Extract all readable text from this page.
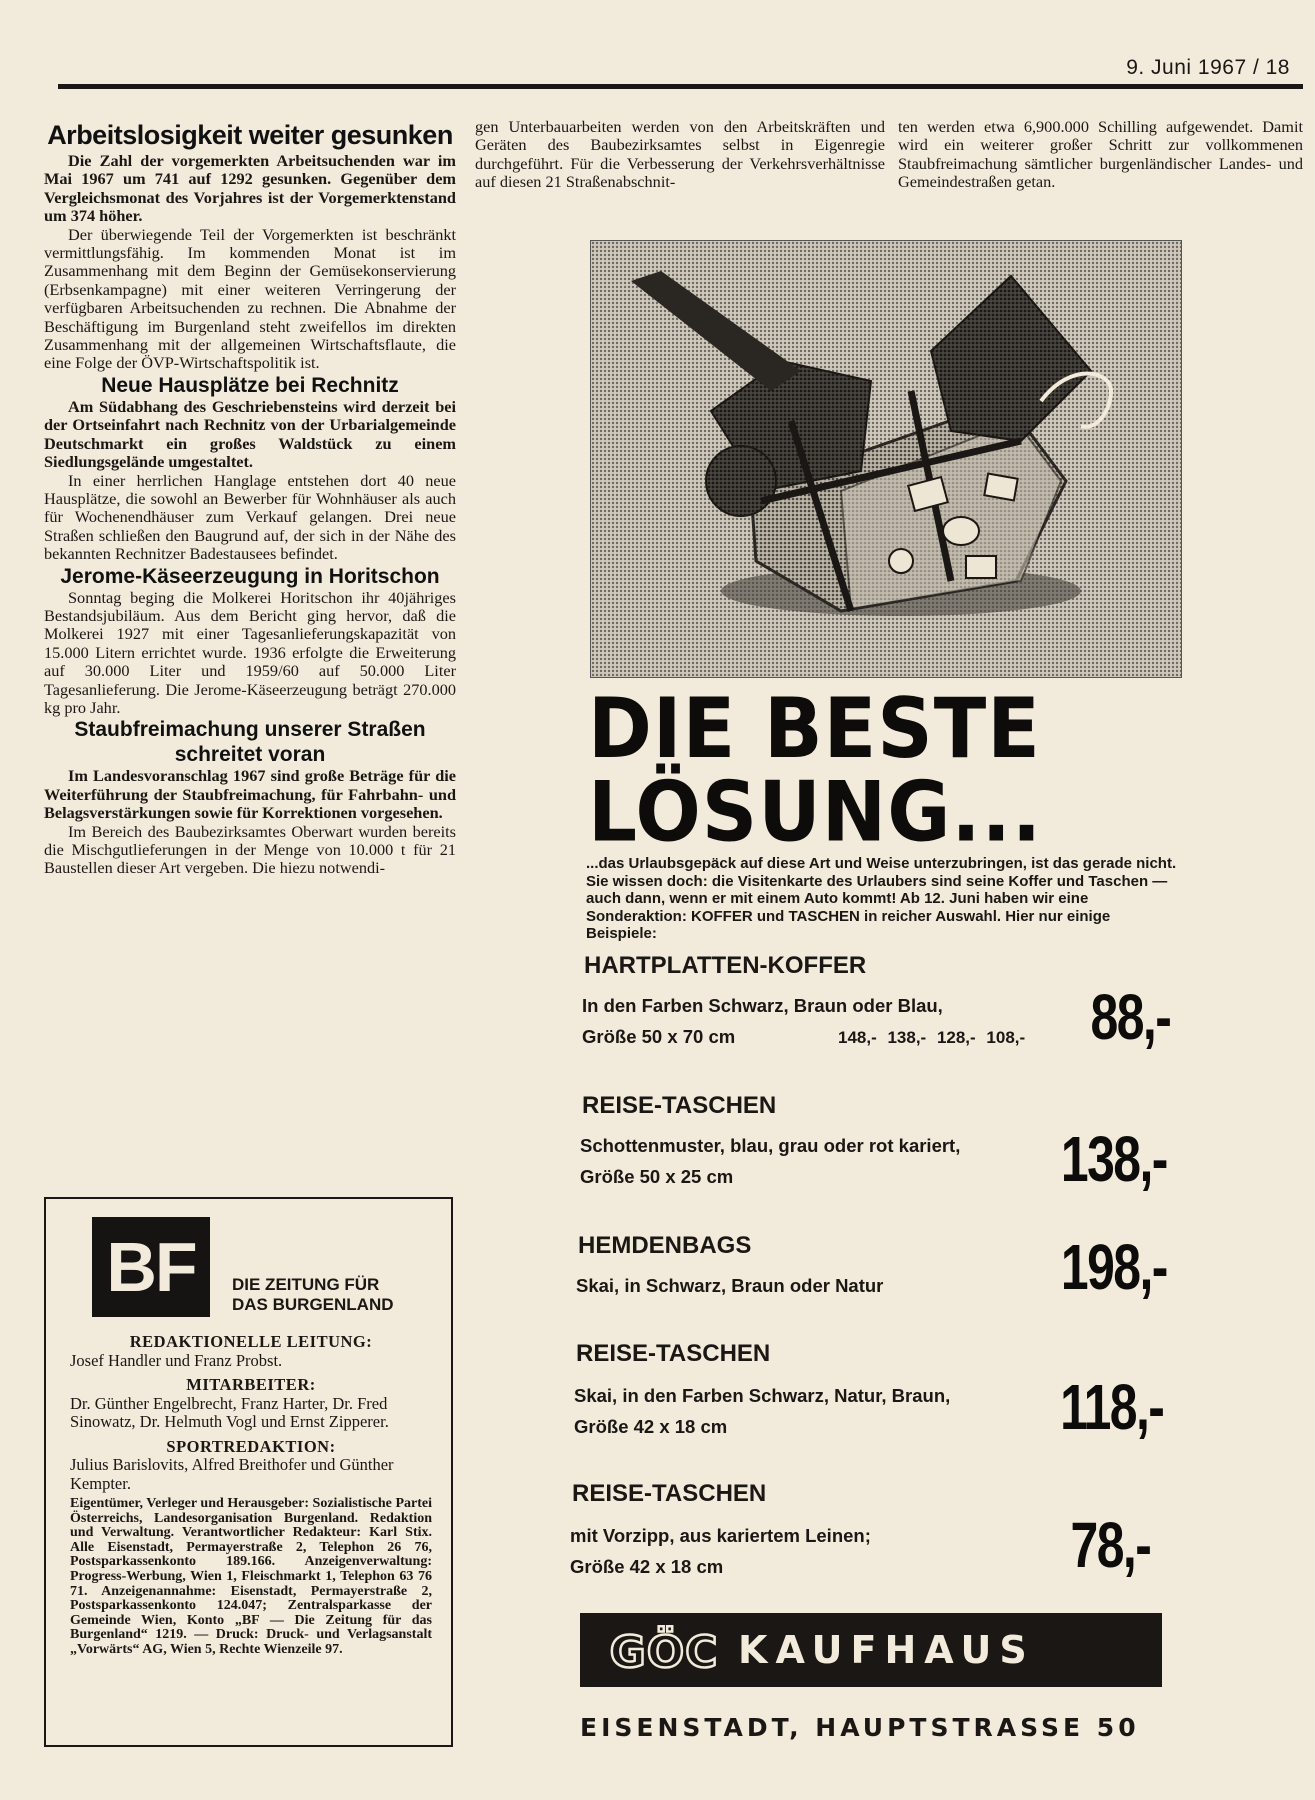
9. Juni 1967 / 18
Arbeitslosigkeit weiter gesunken

Die Zahl der vorgemerkten Arbeitsuchenden war im Mai 1967 um 741 auf 1292 gesunken. Gegenüber dem Vergleichsmonat des Vorjahres ist der Vorgemerktenstand um 374 höher.

Der überwiegende Teil der Vorgemerkten ist beschränkt vermittlungsfähig. Im kommenden Monat ist im Zusammenhang mit dem Beginn der Gemüsekonservierung (Erbsenkampagne) mit einer weiteren Verringerung der verfügbaren Arbeitsuchenden zu rechnen. Die Abnahme der Beschäftigung im Burgenland steht zweifellos im direkten Zusammenhang mit der allgemeinen Wirtschaftsflaute, die eine Folge der ÖVP-Wirtschaftspolitik ist.

Neue Hausplätze bei Rechnitz

Am Südabhang des Geschriebensteins wird derzeit bei der Ortseinfahrt nach Rechnitz von der Urbarialgemeinde Deutschmarkt ein großes Waldstück zu einem Siedlungsgelände umgestaltet.

In einer herrlichen Hanglage entstehen dort 40 neue Hausplätze, die sowohl an Bewerber für Wohnhäuser als auch für Wochenendhäuser zum Verkauf gelangen. Drei neue Straßen schließen den Baugrund auf, der sich in der Nähe des bekannten Rechnitzer Badestausees befindet.

Jerome-Käseerzeugung in Horitschon

Sonntag beging die Molkerei Horitschon ihr 40jähriges Bestandsjubiläum. Aus dem Bericht ging hervor, daß die Molkerei 1927 mit einer Tagesanlieferungskapazität von 15.000 Litern errichtet wurde. 1936 erfolgte die Erweiterung auf 30.000 Liter und 1959/60 auf 50.000 Liter Tagesanlieferung. Die Jerome-Käseerzeugung beträgt 270.000 kg pro Jahr.

Staubfreimachung unserer Straßen schreitet voran

Im Landesvoranschlag 1967 sind große Beträge für die Weiterführung der Staubfreimachung, für Fahrbahn- und Belagsverstärkungen sowie für Korrektionen vorgesehen.

Im Bereich des Baubezirksamtes Oberwart wurden bereits die Mischgutlieferungen in der Menge von 10.000 t für 21 Baustellen dieser Art vergeben. Die hiezu notwendi-

gen Unterbauarbeiten werden von den Arbeitskräften und Geräten des Baubezirksamtes selbst in Eigenregie durchgeführt. Für die Verbesserung der Verkehrsverhältnisse auf diesen 21 Straßenabschnit-

ten werden etwa 6,900.000 Schilling aufgewendet. Damit wird ein weiterer großer Schritt zur vollkommenen Staubfreimachung sämtlicher burgenländischer Landes- und Gemeindestraßen getan.

BF	DIE ZEITUNG FÜR
DAS BURGENLAND
REDAKTIONELLE LEITUNG:
Josef Handler und Franz Probst.
MITARBEITER:
Dr. Günther Engelbrecht, Franz Harter, Dr. Fred Sinowatz, Dr. Helmuth Vogl und Ernst Zipperer.
SPORTREDAKTION:
Julius Barislovits, Alfred Breithofer und Günther Kempter.
Eigentümer, Verleger und Herausgeber: Sozialistische Partei Österreichs, Landesorganisation Burgenland. Redaktion und Verwaltung. Verantwortlicher Redakteur: Karl Stix. Alle Eisenstadt, Permayerstraße 2, Telephon 26 76, Postsparkassenkonto 189.166. Anzeigenverwaltung: Progress-Werbung, Wien 1, Fleischmarkt 1, Telephon 63 76 71. Anzeigenannahme: Eisenstadt, Permayerstraße 2, Postsparkassenkonto 124.047; Zentralsparkasse der Gemeinde Wien, Konto „BF — Die Zeitung für das Burgenland“ 1219. — Druck: Druck- und Verlagsanstalt „Vorwärts“ AG, Wien 5, Rechte Wienzeile 97.
DIE BESTE
LÖSUNG...
...das Urlaubsgepäck auf diese Art und Weise unterzubringen, ist das gerade nicht. Sie wissen doch: die Visitenkarte des Urlaubers sind seine Koffer und Taschen — auch dann, wenn er mit einem Auto kommt! Ab 12. Juni haben wir eine Sonderaktion: KOFFER und TASCHEN in reicher Auswahl. Hier nur einige Beispiele:
HARTPLATTEN-KOFFER
In den Farben Schwarz, Braun oder Blau,
Größe 50 x 70 cm	148,- 138,- 128,- 108,- 88,-
REISE-TASCHEN
Schottenmuster, blau, grau oder rot kariert,
Größe 50 x 25 cm	138,-
HEMDENBAGS
Skai, in Schwarz, Braun oder Natur	198,-
REISE-TASCHEN
Skai, in den Farben Schwarz, Natur, Braun,
Größe 42 x 18 cm	118,-
REISE-TASCHEN
mit Vorzipp, aus kariertem Leinen;
Größe 42 x 18 cm	78,-
GÖC KAUFHAUS
EISENSTADT, HAUPTSTRASSE 50
